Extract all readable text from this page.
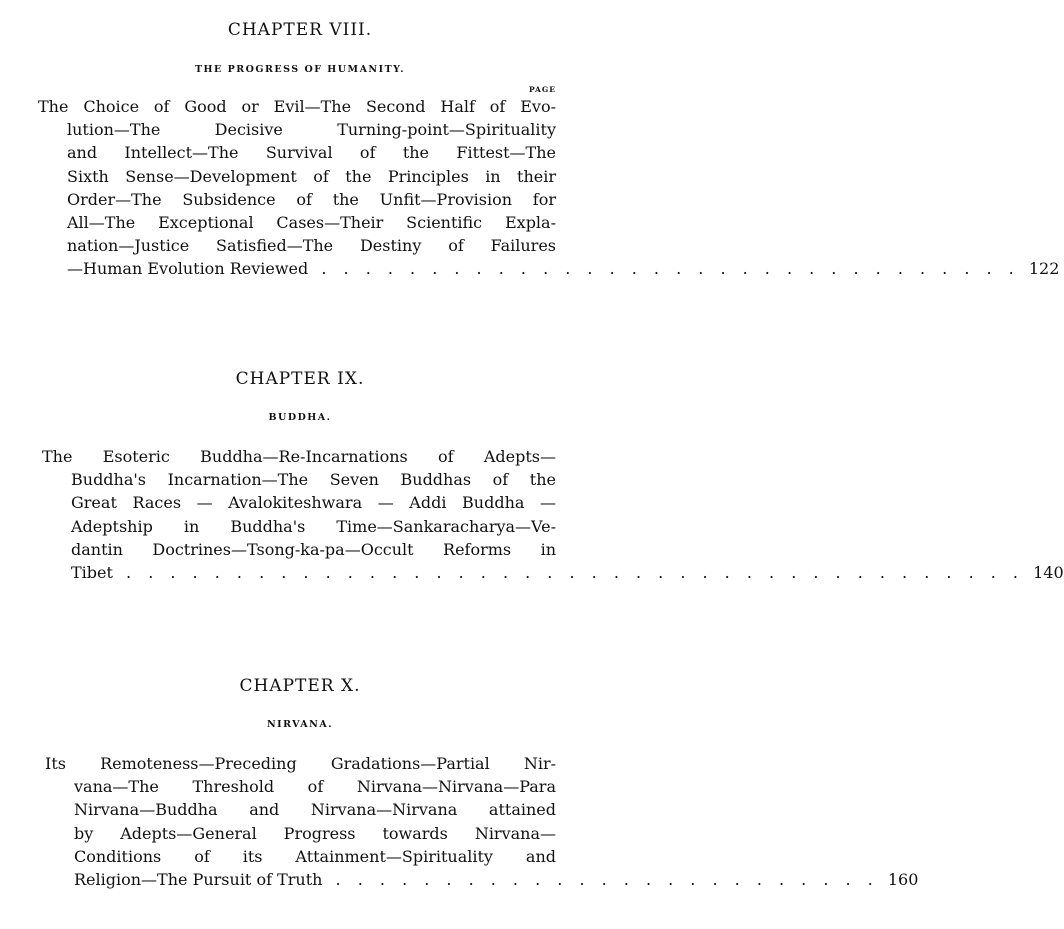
CHAPTER VIII.

THE PROGRESS OF HUMANITY.

PAGE
The Choice of Good or Evil—The Second Half of Evo-
lution—The Decisive Turning-point—Spirituality
and Intellect—The Survival of the Fittest—The
Sixth Sense—Development of the Principles in their
Order—The Subsidence of the Unfit—Provision for
All—The Exceptional Cases—Their Scientific Expla-
nation—Justice Satisfied—The Destiny of Failures
—Human Evolution Reviewed . . . . . . . . . . . . . . . . . . . . . . . . . . . . . . . . 122
CHAPTER IX.

BUDDHA.

The Esoteric Buddha—Re-Incarnations of Adepts—
Buddha's Incarnation—The Seven Buddhas of the
Great Races — Avalokiteshwara — Addi Buddha —
Adeptship in Buddha's Time—Sankaracharya—Ve-
dantin Doctrines—Tsong-ka-pa—Occult Reforms in
Tibet . . . . . . . . . . . . . . . . . . . . . . . . . . . . . . . . . . . . . . . . . 140
CHAPTER X.

NIRVANA.

Its Remoteness—Preceding Gradations—Partial Nir-
vana—The Threshold of Nirvana—Nirvana—Para
Nirvana—Buddha and Nirvana—Nirvana attained
by Adepts—General Progress towards Nirvana—
Conditions of its Attainment—Spirituality and
Religion—The Pursuit of Truth . . . . . . . . . . . . . . . . . . . . . . . . . 160
